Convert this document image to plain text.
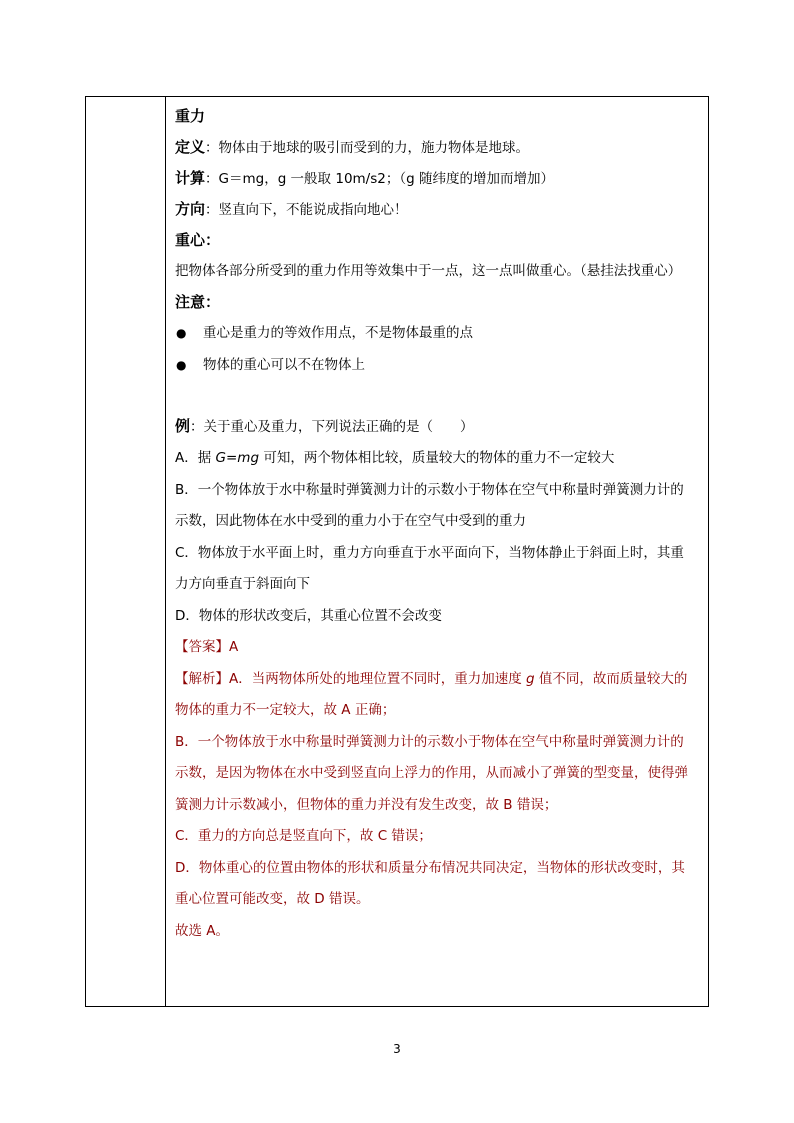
重力
定义：物体由于地球的吸引而受到的力，施力物体是地球。
计算：G＝mg，g 一般取 10m/s2；（g 随纬度的增加而增加）
方向：竖直向下，不能说成指向地心！
重心：
把物体各部分所受到的重力作用等效集中于一点，这一点叫做重心。（悬挂法找重心）
注意：
● 重心是重力的等效作用点，不是物体最重的点
● 物体的重心可以不在物体上
例：关于重心及重力，下列说法正确的是（　　）
A．据 G=mg 可知，两个物体相比较，质量较大的物体的重力不一定较大
B．一个物体放于水中称量时弹簧测力计的示数小于物体在空气中称量时弹簧测力计的
示数，因此物体在水中受到的重力小于在空气中受到的重力
C．物体放于水平面上时，重力方向垂直于水平面向下，当物体静止于斜面上时，其重
力方向垂直于斜面向下
D．物体的形状改变后，其重心位置不会改变
【答案】A
【解析】A．当两物体所处的地理位置不同时，重力加速度 g 值不同，故而质量较大的
物体的重力不一定较大，故 A 正确；
B．一个物体放于水中称量时弹簧测力计的示数小于物体在空气中称量时弹簧测力计的
示数，是因为物体在水中受到竖直向上浮力的作用，从而减小了弹簧的型变量，使得弹
簧测力计示数减小，但物体的重力并没有发生改变，故 B 错误；
C．重力的方向总是竖直向下，故 C 错误；
D．物体重心的位置由物体的形状和质量分布情况共同决定，当物体的形状改变时，其
重心位置可能改变，故 D 错误。
故选 A。
3
